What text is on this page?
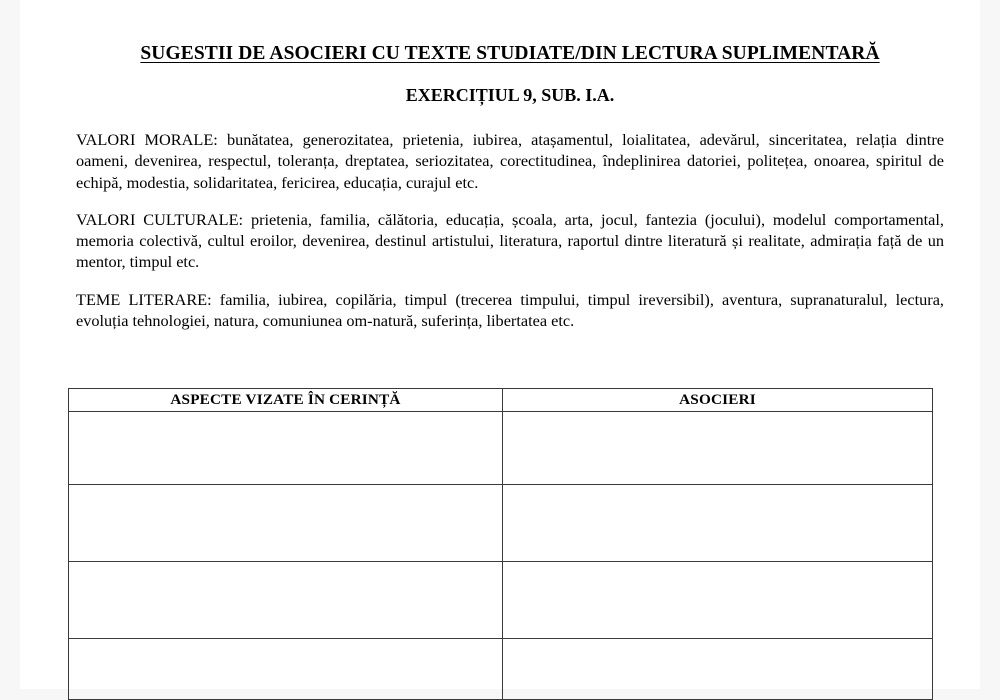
SUGESTII DE ASOCIERI CU TEXTE STUDIATE/DIN LECTURA SUPLIMENTARĂ
EXERCIȚIUL 9, SUB. I.A.

VALORI MORALE: bunătatea, generozitatea, prietenia, iubirea, atașamentul, loialitatea, adevărul, sinceritatea, relația dintre oameni, devenirea, respectul, toleranța, dreptatea, seriozitatea, corectitudinea, îndeplinirea datoriei, politețea, onoarea, spiritul de echipă, modestia, solidaritatea, fericirea, educația, curajul etc.

VALORI CULTURALE: prietenia, familia, călătoria, educația, școala, arta, jocul, fantezia (jocului), modelul comportamental, memoria colectivă, cultul eroilor, devenirea, destinul artistului, literatura, raportul dintre literatură și realitate, admirația față de un mentor, timpul etc.

TEME LITERARE: familia, iubirea, copilăria, timpul (trecerea timpului, timpul ireversibil), aventura, supranaturalul, lectura, evoluția tehnologiei, natura, comuniunea om-natură, suferința, libertatea etc.

ASPECTE VIZATE ÎN CERINȚĂ	ASOCIERI
